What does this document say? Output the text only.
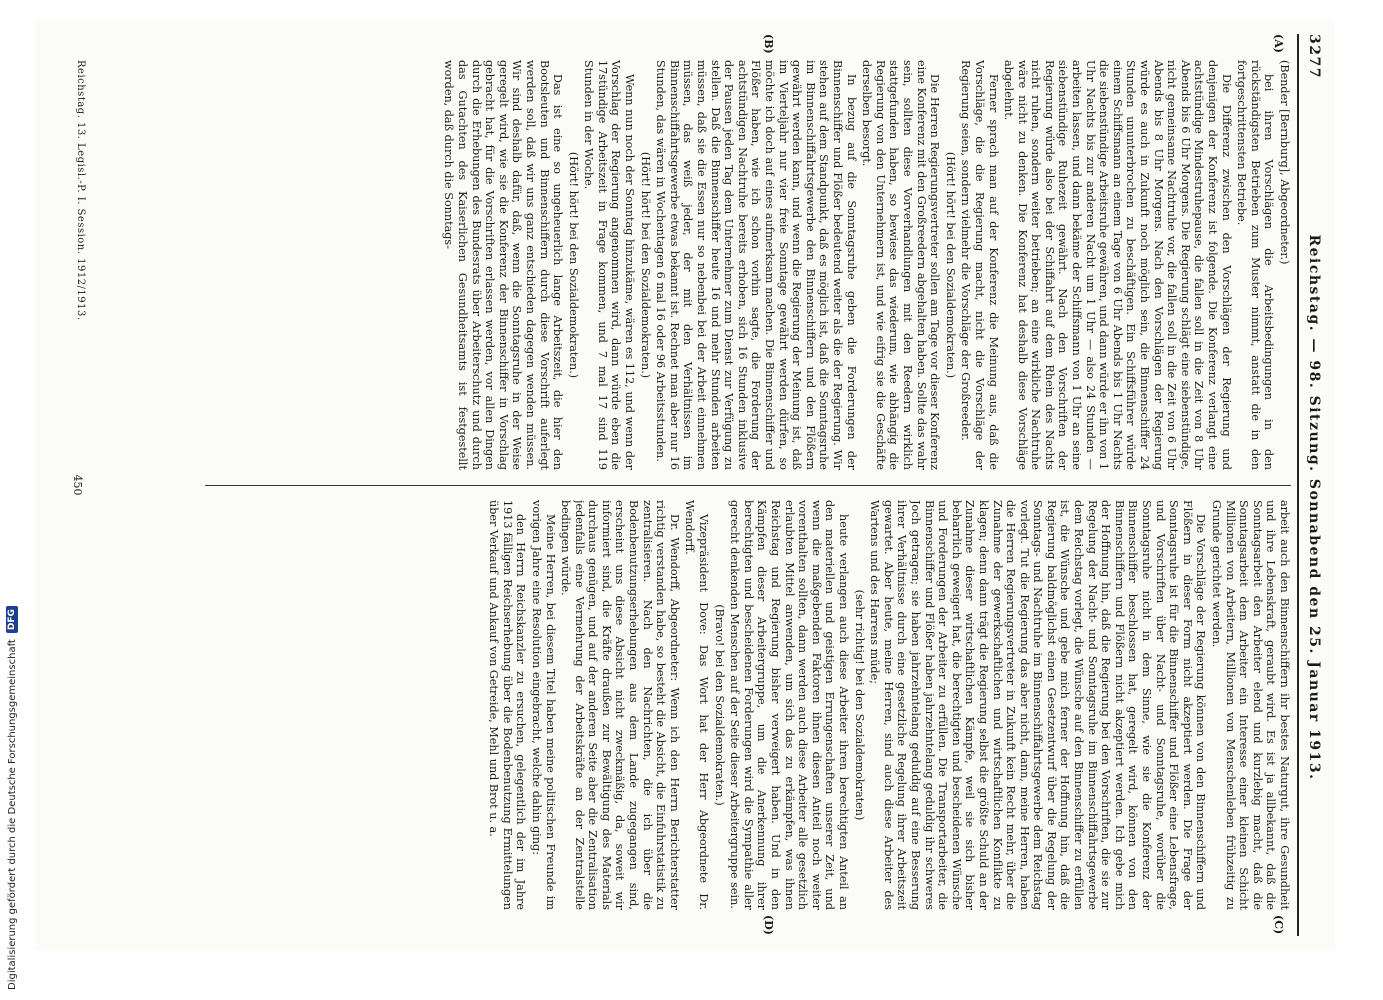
Digitalisierung gefördert durch die Deutsche Forschungsgemeinschaft
DFG
3277
Reichstag. — 98. Sitzung. Sonnabend den 25. Januar 1913.
(A)
(B)
(C)
(D)

(Bender [Bernburg], Abgeordneter.)

bei ihren Vorschlägen die Arbeitsbedingungen in den rückständigsten Betrieben zum Muster nimmt, anstatt die in den fortgeschrittensten Betriebe.

Die Differenz zwischen den Vorschlägen der Regierung und denjenigen der Konferenz ist folgende. Die Konferenz verlangt eine achtstündige Mindestruhepause, die fallen soll in die Zeit von 8 Uhr Abends bis 6 Uhr Morgens. Die Regierung schlägt eine siebenstündige, nicht gemeinsame Nachtruhe vor, die fallen soll in die Zeit von 6 Uhr Abends bis 8 Uhr Morgens. Nach den Vorschlägen der Regierung würde es auch in Zukunft noch möglich sein, die Binnenschiffer 24 Stunden ununterbrochen zu beschäftigen. Ein Schiffsführer würde einem Schiffsmann an einem Tage von 6 Uhr Abends bis 1 Uhr Nachts die siebenstündige Arbeitsruhe gewähren, und dann würde er ihn von 1 Uhr Nachts bis zur anderen Nacht um 1 Uhr — also 24 Stunden — arbeiten lassen, und dann bekäme der Schiffsmann von 1 Uhr an seine siebenstündige Ruhezeit gewährt. Nach den Vorschriften der Regierung würde also bei der Schiffahrt auf dem Rhein des Nachts nicht ruhen, sondern weiter betrieben; an eine wirkliche Nachtruhe wäre nicht zu denken. Die Konferenz hat deshalb diese Vorschläge abgelehnt.

Ferner sprach man auf der Konferenz die Meinung aus, daß die Vorschläge, die die Regierung macht, nicht die Vorschläge der Regierung seien, sondern vielmehr die Vorschläge der Großreeder.

(Hört! hört! bei den Sozialdemokraten.)

Die Herren Regierungsvertreter sollen am Tage vor dieser Konferenz eine Konferenz mit den Großreedern abgehalten haben. Sollte das wahr sein, sollten diese Vorverhandlungen mit den Reedern wirklich stattgefunden haben, so bewiese das wiederum, wie abhängig die Regierung von den Unternehmern ist, und wie eifrig sie die Geschäfte derselben besorgt.

In bezug auf die Sonntagsruhe geben die Forderungen der Binnenschiffer und Flößer bedeutend weiter als die der Regierung. Wir stehen auf dem Standpunkt, daß es möglich ist, daß die Sonntagsruhe im Binnenschiffahrtsgewerbe den Binnenschiffern und den Flößern gewährt werden kann, und wenn die Regierung der Meinung ist, daß im Vierteljahr nur vier freie Sonntage gewährt werden dürfen, so möchte ich doch auf eines aufmerksam machen. Die Binnenschiffer und Flößer haben, wie ich schon vorhin sagte, die Forderung der achtstündigen Nachtruhe bereits erhoben, sich 16 Stunden inklusive der Pausen jeden Tag dem Unternehmer zum Dienst zur Verfügung zu stellen. Daß die Binnenschiffer heute 16 und mehr Stunden arbeiten müssen, daß sie die Essen nur so nebenbei bei der Arbeit einnehmen müssen, das weiß jeder, der mit den Verhältnissen im Binnenschiffahrtsgewerbe etwas bekannt ist. Rechnet man aber nur 16 Stunden, das wären in Wochentagen 6 mal 16 oder 96 Arbeitsstunden.

(Hört! hört! bei den Sozialdemokraten.)

Wenn nun noch der Sonntag hinzukäme, wären es 112, und wenn der Vorschlag der Regierung angenommen wird, dann würde eben die 17stündige Arbeitszeit in Frage kommen, und 7 mal 17 sind 119 Stunden in der Woche.

(Hört! hört! bei den Sozialdemokraten.)

Das ist eine so ungeheuerlich lange Arbeitszeit, die hier den Bootsleuten und Binnenschiffern durch diese Vorschrift auferlegt werden soll, daß wir uns ganz entschieden dagegen wenden müssen. Wir sind deshalb dafür, daß, wenn die Sonntagsruhe in der Weise geregelt wird, wie sie die Konferenz der Binnenschiffer in Vorschlag gebracht hat, für die Vorschriften erlassen werden, vor allen Dingen durch die Erhebungen des Bundesrats über Arbeiterschutz und durch das Gutachten des Kaiserlichen Gesundheitsamts ist festgestellt worden, daß durch die Sonntags-

arbeit auch den Binnenschiffern ihr bestes Naturgut, ihre Gesundheit und ihre Lebenskraft, geraubt wird. Es ist ja allbekannt, daß die Sonntagsarbeit den Arbeiter elend und kurzlebig macht, daß die Sonntagsarbeit dem Arbeiter ein Interesse einer kleinen Schicht Millionen von Arbeitern, Millionen von Menschenleben frühzeitig zu Grunde gerichtet werden.

Die Vorschläge der Regierung können von den Binnenschiffern und Flößern in dieser Form nicht akzeptiert werden. Die Frage der Sonntagsruhe ist für die Binnenschiffer und Flößer eine Lebensfrage, und Vorschriften über Nacht- und Sonntagsruhe, worüber die Sonntagsruhe nicht in dem Sinne, wie sie die Konferenz der Binnenschiffer beschlossen hat, geregelt wird, können von den Binnenschiffern und Flößern nicht akzeptiert werden. Ich gebe mich der Hoffnung hin, daß die Regierung bei den Vorschriften, die sie zur Regelung der Nacht- und Sonntagsruhe im Binnenschiffahrtsgewerbe dem Reichstag vorlegt, die Wünsche auf den Binnenschiffer zu erfüllen ist, die Wünsche und gebe mich ferner der Hoffnung hin, daß die Regierung baldmöglichst einen Gesetzentwurf über die Regelung der Sonntags- und Nachtruhe im Binnenschiffahrtsgewerbe dem Reichstag vorlegt. Tut die Regierung das aber nicht, dann, meine Herren, haben die Herren Regierungsvertreter in Zukunft kein Recht mehr, über die Zunahme der gewerkschaftlichen und wirtschaftlichen Konflikte zu klagen; denn dann trägt die Regierung selbst die größte Schuld an der Zunahme dieser wirtschaftlichen Kämpfe, weil sie sich bisher beharrlich geweigert hat, die berechtigten und bescheidenen Wünsche und Forderungen der Arbeiter zu erfüllen. Die Transportarbeiter, die Binnenschiffer und Flößer haben jahrzehntelang geduldig ihr schweres Joch getragen; sie haben jahrzehntelang geduldig auf eine Besserung ihrer Verhältnisse durch eine gesetzliche Regelung ihrer Arbeitszeit gewartet. Aber heute, meine Herren, sind auch diese Arbeiter des Wartens und des Harrens müde;

(sehr richtig! bei den Sozialdemokraten)

heute verlangen auch diese Arbeiter ihren berechtigten Anteil an den materiellen und geistigen Errungenschaften unserer Zeit, und wenn die maßgebenden Faktoren ihnen diesen Anteil noch weiter vorenthalten sollten, dann werden auch diese Arbeiter alle gesetzlich erlaubten Mittel anwenden, um sich das zu erkämpfen, was ihnen Reichstag und Regierung bisher verweigert haben. Und in den Kämpfen dieser Arbeitergruppe, um die Anerkennung ihrer berechtigten und bescheidenen Forderungen wird die Sympathie aller gerecht denkenden Menschen auf der Seite dieser Arbeitergruppe sein.

(Bravo! bei den Sozialdemokraten.)

Vizepräsident Dove: Das Wort hat der Herr Abgeordnete Dr. Wendorff.

Dr. Wendorff, Abgeordneter: Wenn ich den Herrn Berichterstatter richtig verstanden habe, so besteht die Absicht, die Einfuhrstatistik zu zentralisieren. Nach den Nachrichten, die ich über die Bodenbenutzungserhebungen aus dem Lande zugegangen sind, erscheint uns diese Absicht nicht zweckmäßig, da, soweit wir informiert sind, die Kräfte draußen zur Bewältigung des Materials durchaus genügen, und auf der anderen Seite aber die Zentralisation jedenfalls eine Vermehrung der Arbeitskräfte an der Zentralstelle bedingen würde.

Meine Herren, bei diesem Titel haben meine politischen Freunde im vorigen Jahre eine Resolution eingebracht, welche dahin ging:

den Herrn Reichskanzler zu ersuchen, gelegentlich der im Jahre 1913 fälligen Reichserhebung über die Bodenbenutzung Ermittelungen über Verkauf und Ankauf von Getreide, Mehl und Brot u. a.

Reichstag. 13. Legisl.-P. I. Session. 1912/1913.
450
